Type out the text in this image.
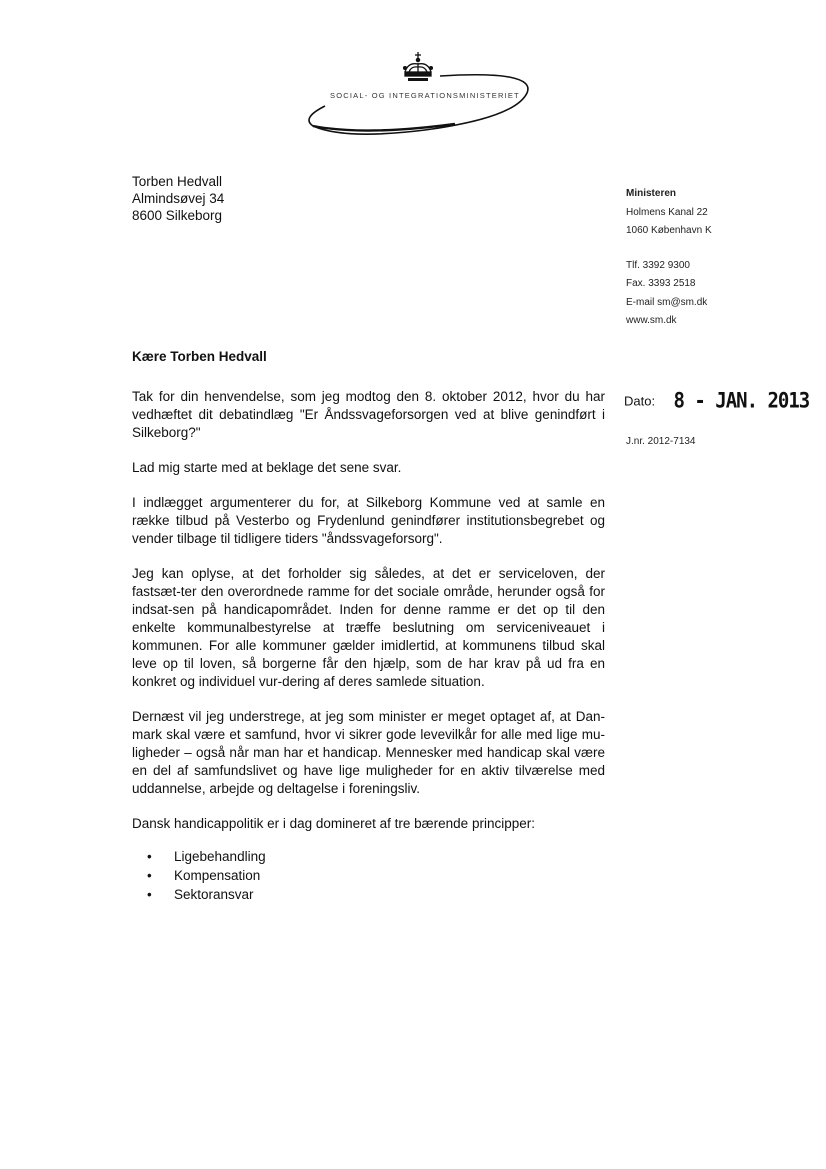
SOCIAL- OG INTEGRATIONSMINISTERIET
Torben Hedvall
Almindsøvej 34
8600 Silkeborg
Ministeren
Holmens Kanal 22
1060 København K
Tlf. 3392 9300
Fax. 3393 2518
E-mail sm@sm.dk
www.sm.dk
Kære Torben Hedvall
Dato: 8 - JAN. 2013
J.nr. 2012-7134

Tak for din henvendelse, som jeg modtog den 8. oktober 2012, hvor du har vedhæftet dit debatindlæg "Er Åndssvageforsorgen ved at blive genindført i Silkeborg?"

Lad mig starte med at beklage det sene svar.

I indlægget argumenterer du for, at Silkeborg Kommune ved at samle en række tilbud på Vesterbo og Frydenlund genindfører institutionsbegrebet og vender tilbage til tidligere tiders "åndssvageforsorg".

Jeg kan oplyse, at det forholder sig således, at det er serviceloven, der fastsæt-ter den overordnede ramme for det sociale område, herunder også for indsat-sen på handicapområdet. Inden for denne ramme er det op til den enkelte kommunalbestyrelse at træffe beslutning om serviceniveauet i kommunen. For alle kommuner gælder imidlertid, at kommunens tilbud skal leve op til loven, så borgerne får den hjælp, som de har krav på ud fra en konkret og individuel vur-dering af deres samlede situation.

Dernæst vil jeg understrege, at jeg som minister er meget optaget af, at Dan-mark skal være et samfund, hvor vi sikrer gode levevilkår for alle med lige mu-ligheder – også når man har et handicap. Mennesker med handicap skal være en del af samfundslivet og have lige muligheder for en aktiv tilværelse med uddannelse, arbejde og deltagelse i foreningsliv.

Dansk handicappolitik er i dag domineret af tre bærende principper:

• Ligebehandling
• Kompensation
• Sektoransvar
